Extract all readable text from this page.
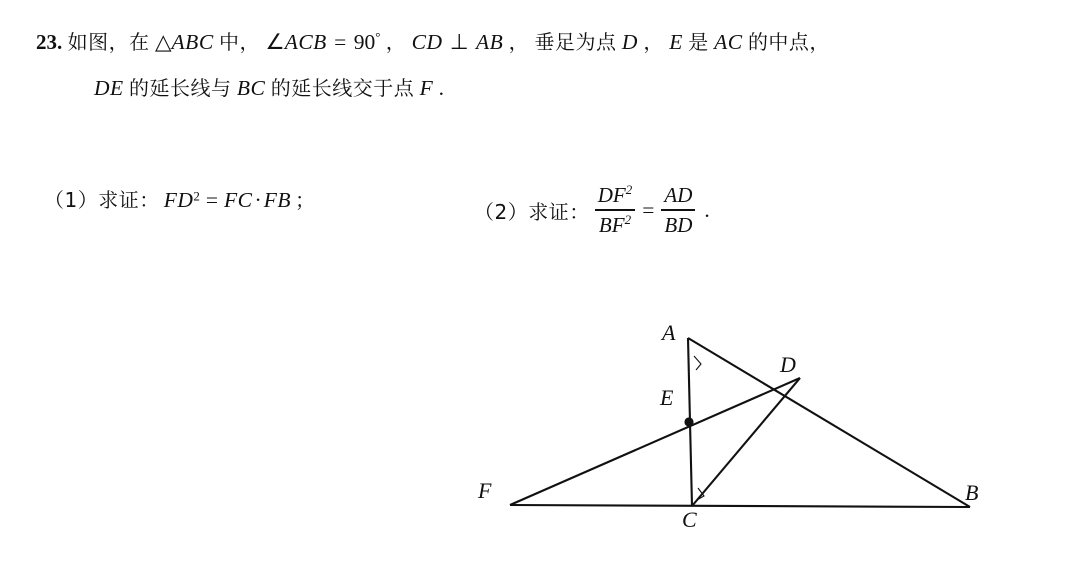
23. 如图，在 △ABC 中， ∠ACB = 90° ， CD ⊥ AB ， 垂足为点 D ， E 是 AC 的中点，
DE 的延长线与 BC 的延长线交于点 F .
（1）求证： $FD^2 = FC\cdot FB$ ；
（2）求证： $\frac{DF^2}{BF^2} = \frac{AD}{BD}$ .
A
D
E
F
C
B
